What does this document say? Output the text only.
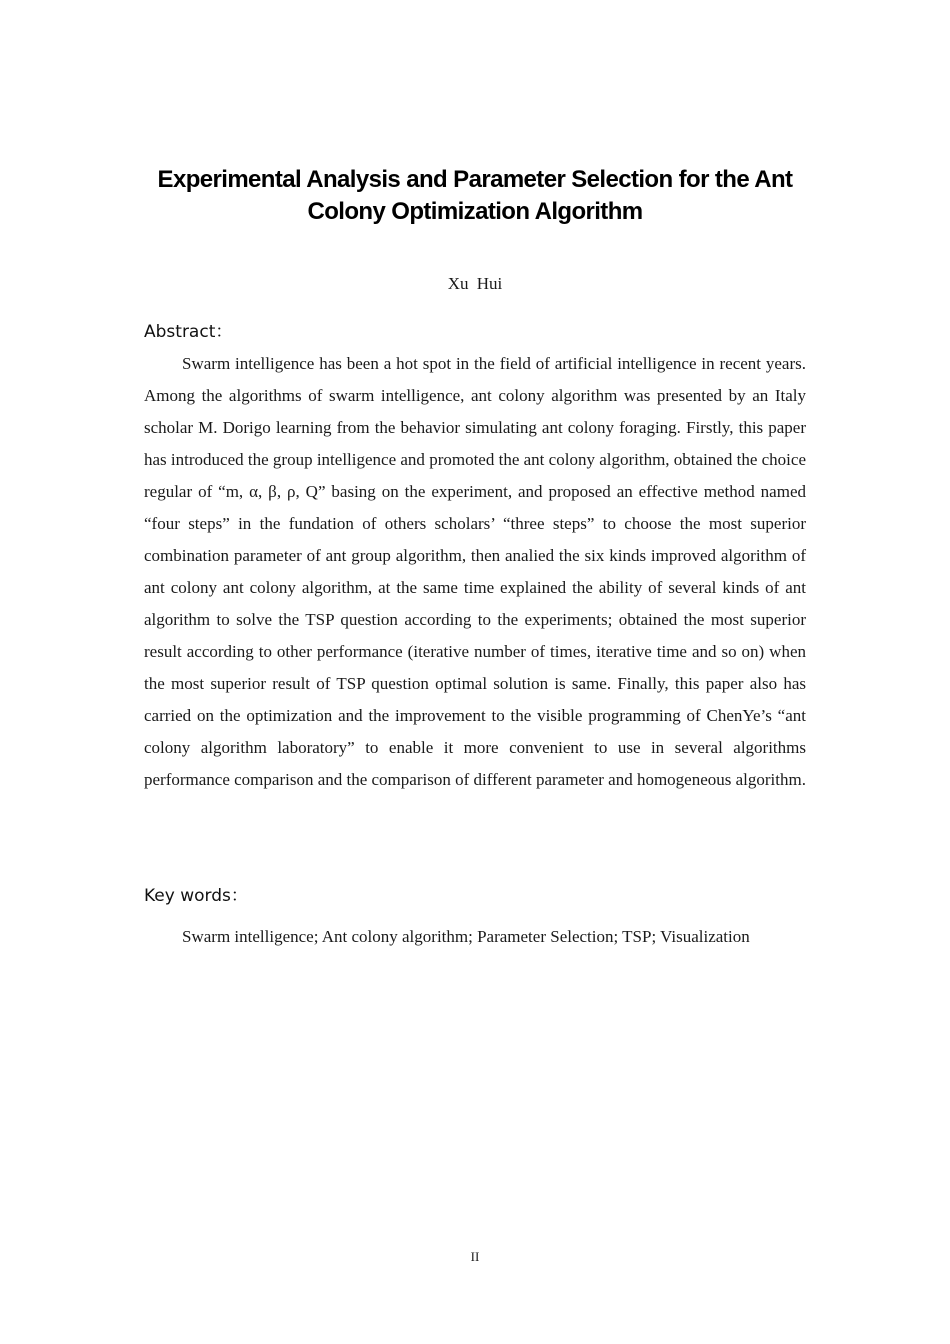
Experimental Analysis and Parameter Selection for the Ant
Colony Optimization Algorithm
Xu Hui
Abstract：

Swarm intelligence has been a hot spot in the field of artificial intelligence in recent years. Among the algorithms of swarm intelligence, ant colony algorithm was presented by an Italy scholar M. Dorigo learning from the behavior simulating ant colony foraging. Firstly, this paper has introduced the group intelligence and promoted the ant colony algorithm, obtained the choice regular of “m, α, β, ρ, Q” basing on the experiment, and proposed an effective method named “four steps” in the fundation of others scholars’ “three steps” to choose the most superior combination parameter of ant group algorithm, then analied the six kinds improved algorithm of ant colony ant colony algorithm, at the same time explained the ability of several kinds of ant algorithm to solve the TSP question according to the experiments; obtained the most superior result according to other performance (iterative number of times, iterative time and so on) when the most superior result of TSP question optimal solution is same. Finally, this paper also has carried on the optimization and the improvement to the visible programming of ChenYe’s “ant colony algorithm laboratory” to enable it more convenient to use in several algorithms performance comparison and the comparison of different parameter and homogeneous algorithm.

Key words：

Swarm intelligence; Ant colony algorithm; Parameter Selection; TSP; Visualization

II
